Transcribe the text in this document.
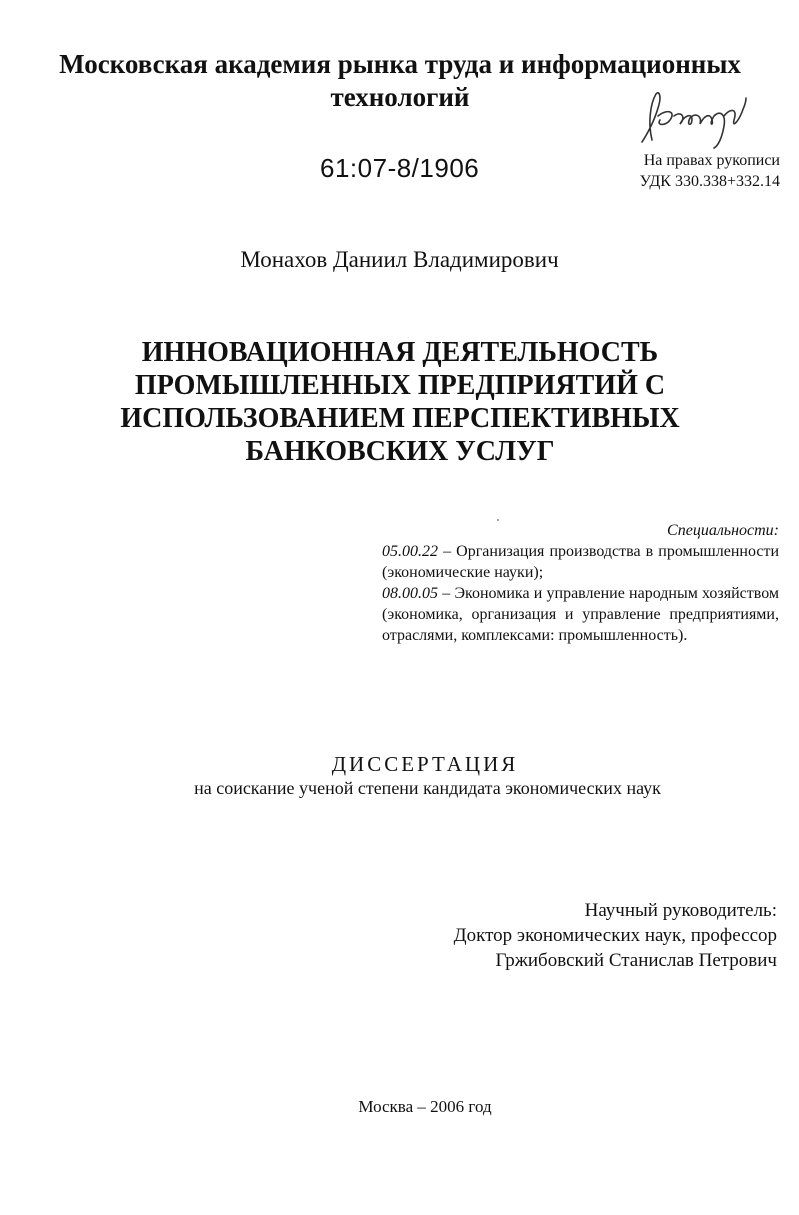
Московская академия рынка труда и информационных
технологий
61:07-8/1906	На правах рукописи
УДК 330.338+332.14
Монахов Даниил Владимирович
ИННОВАЦИОННАЯ ДЕЯТЕЛЬНОСТЬ
ПРОМЫШЛЕННЫХ ПРЕДПРИЯТИЙ С
ИСПОЛЬЗОВАНИЕМ ПЕРСПЕКТИВНЫХ
БАНКОВСКИХ УСЛУГ
Специальности:
05.00.22 – Организация производства в промышленности (экономические науки);
08.00.05 – Экономика и управление народным хозяйством (экономика, организация и управление предприятиями, отраслями, комплексами: промышленность).
ДИССЕРТАЦИЯ
на соискание ученой степени кандидата экономических наук
Научный руководитель:
Доктор экономических наук, профессор
Гржибовский Станислав Петрович
Москва – 2006 год
